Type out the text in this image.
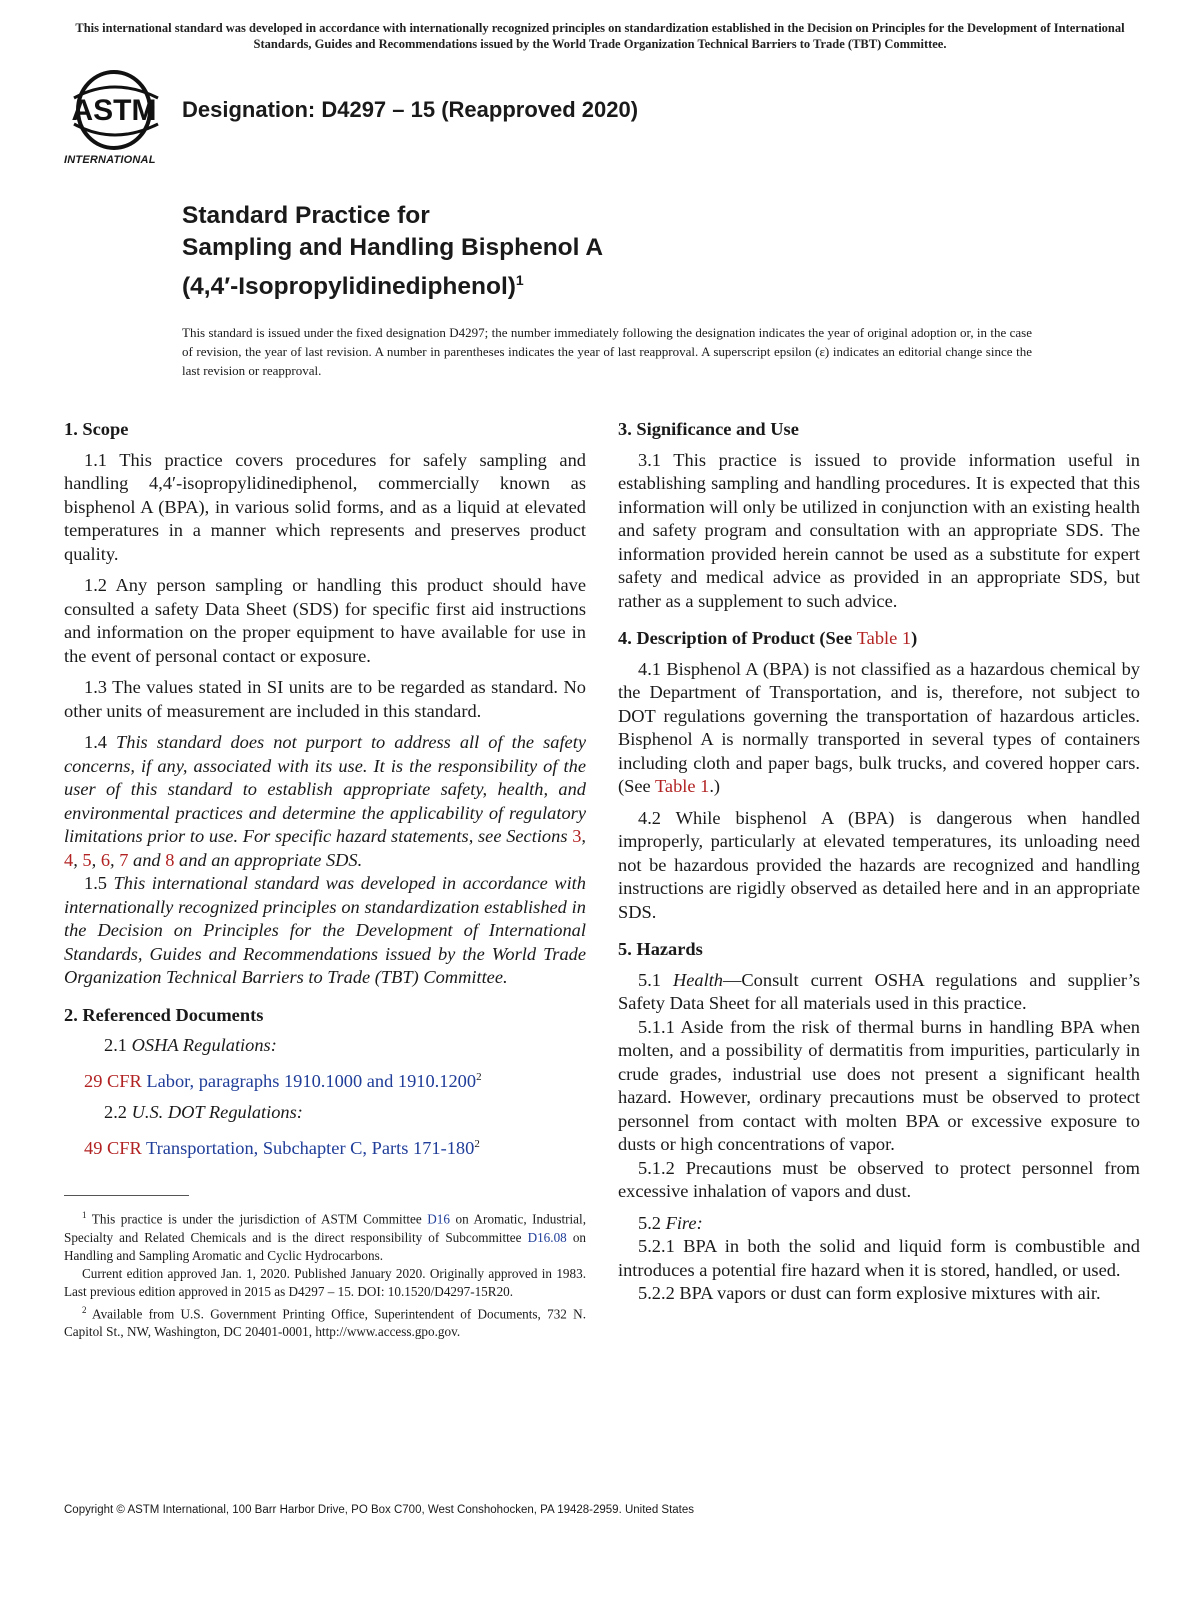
This international standard was developed in accordance with internationally recognized principles on standardization established in the Decision on Principles for the Development of International Standards, Guides and Recommendations issued by the World Trade Organization Technical Barriers to Trade (TBT) Committee.
ASTM
INTERNATIONAL
Designation: D4297 – 15 (Reapproved 2020)
Standard Practice for
Sampling and Handling Bisphenol A
(4,4′-Isopropylidinediphenol)$^1$
This standard is issued under the fixed designation D4297; the number immediately following the designation indicates the year of original adoption or, in the case of revision, the year of last revision. A number in parentheses indicates the year of last reapproval. A superscript epsilon (ε) indicates an editorial change since the last revision or reapproval.
1. Scope

1.1 This practice covers procedures for safely sampling and handling 4,4′-isopropylidinediphenol, commercially known as bisphenol A (BPA), in various solid forms, and as a liquid at elevated temperatures in a manner which represents and preserves product quality.

1.2 Any person sampling or handling this product should have consulted a safety Data Sheet (SDS) for specific first aid instructions and information on the proper equipment to have available for use in the event of personal contact or exposure.

1.3 The values stated in SI units are to be regarded as standard. No other units of measurement are included in this standard.

1.4 This standard does not purport to address all of the safety concerns, if any, associated with its use. It is the responsibility of the user of this standard to establish appropriate safety, health, and environmental practices and determine the applicability of regulatory limitations prior to use. For specific hazard statements, see Sections 3, 4, 5, 6, 7 and 8 and an appropriate SDS.

1.5 This international standard was developed in accordance with internationally recognized principles on standardization established in the Decision on Principles for the Development of International Standards, Guides and Recommendations issued by the World Trade Organization Technical Barriers to Trade (TBT) Committee.

2. Referenced Documents

2.1 OSHA Regulations:

29 CFR Labor, paragraphs 1910.1000 and 1910.1200$^2$

2.2 U.S. DOT Regulations:

49 CFR Transportation, Subchapter C, Parts 171-180$^2$

$^1$ This practice is under the jurisdiction of ASTM Committee D16 on Aromatic, Industrial, Specialty and Related Chemicals and is the direct responsibility of Subcommittee D16.08 on Handling and Sampling Aromatic and Cyclic Hydrocarbons.

Current edition approved Jan. 1, 2020. Published January 2020. Originally approved in 1983. Last previous edition approved in 2015 as D4297 – 15. DOI: 10.1520/D4297-15R20.

$^2$ Available from U.S. Government Printing Office, Superintendent of Documents, 732 N. Capitol St., NW, Washington, DC 20401-0001, http://www.access.gpo.gov.

3. Significance and Use

3.1 This practice is issued to provide information useful in establishing sampling and handling procedures. It is expected that this information will only be utilized in conjunction with an existing health and safety program and consultation with an appropriate SDS. The information provided herein cannot be used as a substitute for expert safety and medical advice as provided in an appropriate SDS, but rather as a supplement to such advice.

4. Description of Product (See Table 1)

4.1 Bisphenol A (BPA) is not classified as a hazardous chemical by the Department of Transportation, and is, therefore, not subject to DOT regulations governing the transportation of hazardous articles. Bisphenol A is normally transported in several types of containers including cloth and paper bags, bulk trucks, and covered hopper cars. (See Table 1.)

4.2 While bisphenol A (BPA) is dangerous when handled improperly, particularly at elevated temperatures, its unloading need not be hazardous provided the hazards are recognized and handling instructions are rigidly observed as detailed here and in an appropriate SDS.

5. Hazards

5.1 Health—Consult current OSHA regulations and supplier’s Safety Data Sheet for all materials used in this practice.

5.1.1 Aside from the risk of thermal burns in handling BPA when molten, and a possibility of dermatitis from impurities, particularly in crude grades, industrial use does not present a significant health hazard. However, ordinary precautions must be observed to protect personnel from contact with molten BPA or excessive exposure to dusts or high concentrations of vapor.

5.1.2 Precautions must be observed to protect personnel from excessive inhalation of vapors and dust.

5.2 Fire:

5.2.1 BPA in both the solid and liquid form is combustible and introduces a potential fire hazard when it is stored, handled, or used.

5.2.2 BPA vapors or dust can form explosive mixtures with air.

Copyright © ASTM International, 100 Barr Harbor Drive, PO Box C700, West Conshohocken, PA 19428-2959. United States
